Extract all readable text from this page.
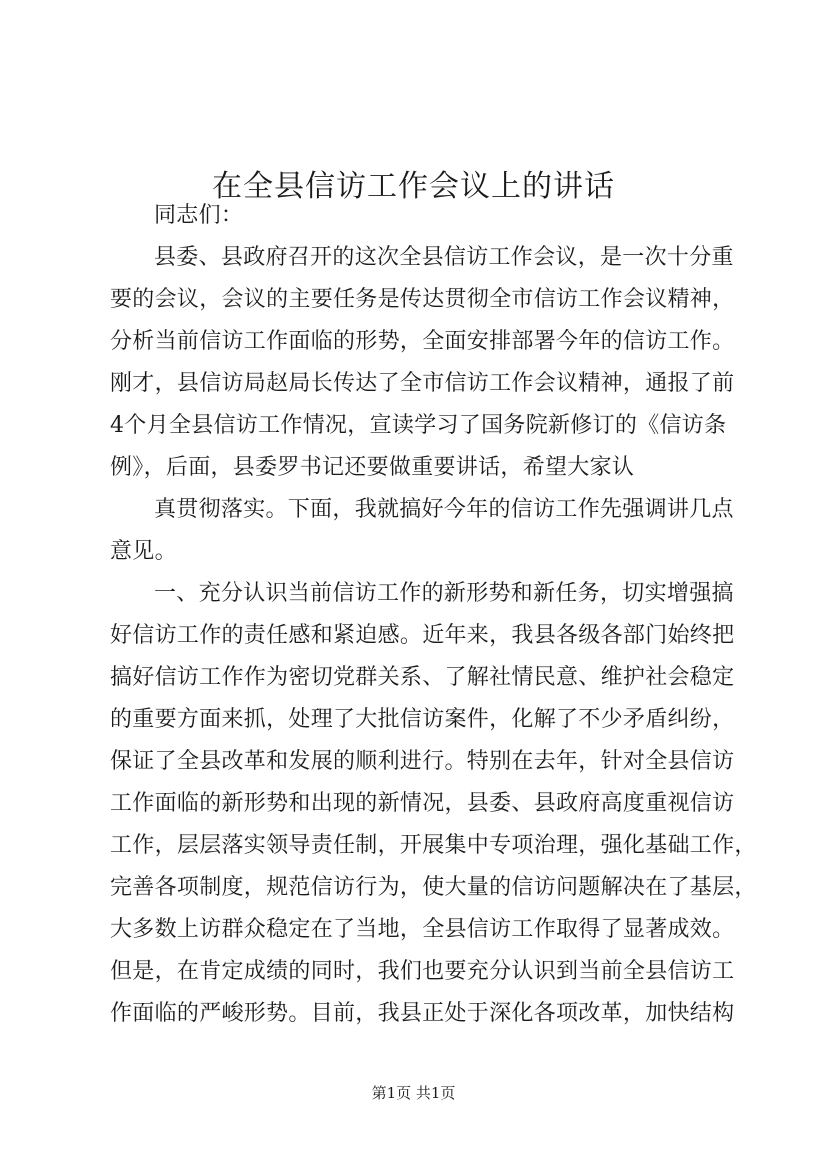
在全县信访工作会议上的讲话
同志们：
县委、县政府召开的这次全县信访工作会议，是一次十分重
要的会议，会议的主要任务是传达贯彻全市信访工作会议精神，
分析当前信访工作面临的形势，全面安排部署今年的信访工作。
刚才，县信访局赵局长传达了全市信访工作会议精神，通报了前
4个月全县信访工作情况，宣读学习了国务院新修订的《信访条
例》，后面，县委罗书记还要做重要讲话，希望大家认
真贯彻落实。下面，我就搞好今年的信访工作先强调讲几点
意见。
一、充分认识当前信访工作的新形势和新任务，切实增强搞
好信访工作的责任感和紧迫感。近年来，我县各级各部门始终把
搞好信访工作作为密切党群关系、了解社情民意、维护社会稳定
的重要方面来抓，处理了大批信访案件，化解了不少矛盾纠纷，
保证了全县改革和发展的顺利进行。特别在去年，针对全县信访
工作面临的新形势和出现的新情况，县委、县政府高度重视信访
工作，层层落实领导责任制，开展集中专项治理，强化基础工作，
完善各项制度，规范信访行为，使大量的信访问题解决在了基层，
大多数上访群众稳定在了当地，全县信访工作取得了显著成效。
但是，在肯定成绩的同时，我们也要充分认识到当前全县信访工
作面临的严峻形势。目前，我县正处于深化各项改革，加快结构
第1页 共1页
